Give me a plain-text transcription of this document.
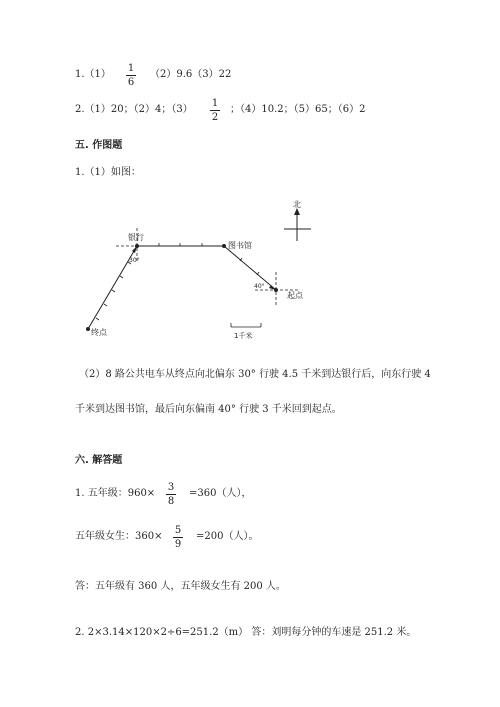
1.（1）
1
6
（2）9.6（3）22
2.（1）20；（2）4；（3）
1
2
；（4）10.2；（5）65；（6）2
五. 作图题
1.（1）如图：
北
银行
图书馆
起点
终点
30°
40°
1千米
（2）8 路公共电车从终点向北偏东 30° 行驶 4.5 千米到达银行后，向东行驶 4
千米到达图书馆，最后向东偏南 40° 行驶 3 千米回到起点。
六. 解答题
1. 五年级：960×
3
8
=360（人），
五年级女生：360×
5
9
=200（人）。
答：五年级有 360 人，五年级女生有 200 人。
2. 2×3.14×120×2÷6=251.2（m） 答：刘明每分钟的车速是 251.2 米。
